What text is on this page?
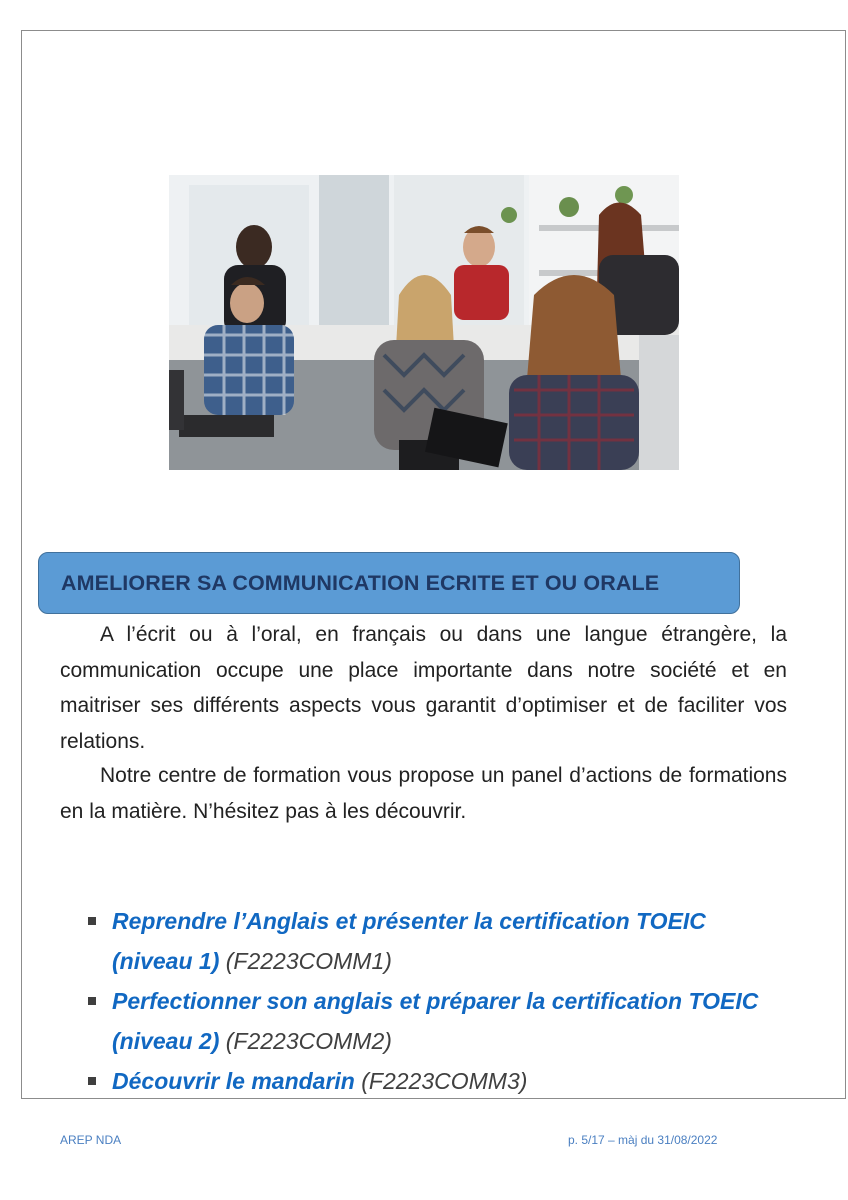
AMELIORER SA COMMUNICATION ECRITE ET OU ORALE

A l’écrit ou à l’oral, en français ou dans une langue étrangère, la communication occupe une place importante dans notre société et en maitriser ses différents aspects vous garantit d’optimiser et de faciliter vos relations.

Notre centre de formation vous propose un panel d’actions de formations en la matière. N’hésitez pas à les découvrir.

Reprendre l’Anglais et présenter la certification TOEIC (niveau 1) (F2223COMM1)
Perfectionner son anglais et préparer la certification TOEIC (niveau 2) (F2223COMM2)
Découvrir le mandarin (F2223COMM3)
AREP NDA	p. 5/17 – màj du 31/08/2022
